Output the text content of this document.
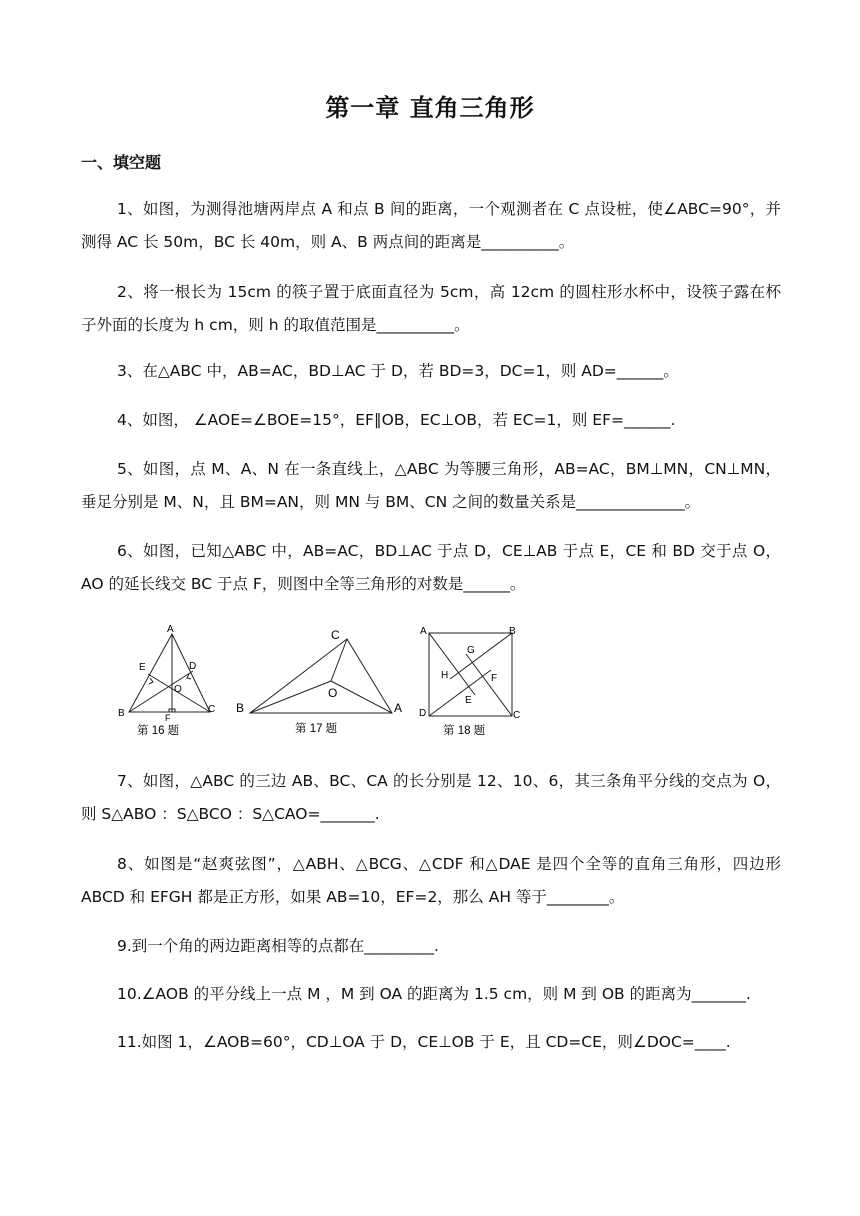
第一章 直角三角形
一、填空题
1、如图，为测得池塘两岸点 A 和点 B 间的距离，一个观测者在 C 点设桩，使∠ABC=90°，并测得 AC 长 50m，BC 长 40m，则 A、B 两点间的距离是__________。
2、将一根长为 15cm 的筷子置于底面直径为 5cm，高 12cm 的圆柱形水杯中，设筷子露在杯子外面的长度为 h cm，则 h 的取值范围是__________。
3、在△ABC 中，AB=AC，BD⊥AC 于 D，若 BD=3，DC=1，则 AD=______。
4、如图， ∠AOE=∠BOE=15°，EF∥OB，EC⊥OB，若 EC=1，则 EF=______.
5、如图，点 M、A、N 在一条直线上，△ABC 为等腰三角形，AB=AC，BM⊥MN，CN⊥MN，垂足分别是 M、N，且 BM=AN，则 MN 与 BM、CN 之间的数量关系是______________。
6、如图，已知△ABC 中，AB=AC，BD⊥AC 于点 D，CE⊥AB 于点 E，CE 和 BD 交于点 O，AO 的延长线交 BC 于点 F，则图中全等三角形的对数是______。
A
B	C
D
E
F
O
第 16 题
C
B	A
O
第 17 题
A	B
C
D
E
F
G
H
第 18 题
7、如图，△ABC 的三边 AB、BC、CA 的长分别是 12、10、6，其三条角平分线的交点为 O，则 S△ABO ：S△BCO ：S△CAO=_______.
8、如图是“赵爽弦图”，△ABH、△BCG、△CDF 和△DAE 是四个全等的直角三角形，四边形 ABCD 和 EFGH 都是正方形，如果 AB=10，EF=2，那么 AH 等于________。
9.到一个角的两边距离相等的点都在_________.
10.∠AOB 的平分线上一点 M ，M 到 OA 的距离为 1.5 cm，则 M 到 OB 的距离为_______.
11.如图 1，∠AOB=60°，CD⊥OA 于 D，CE⊥OB 于 E，且 CD=CE，则∠DOC=____.
